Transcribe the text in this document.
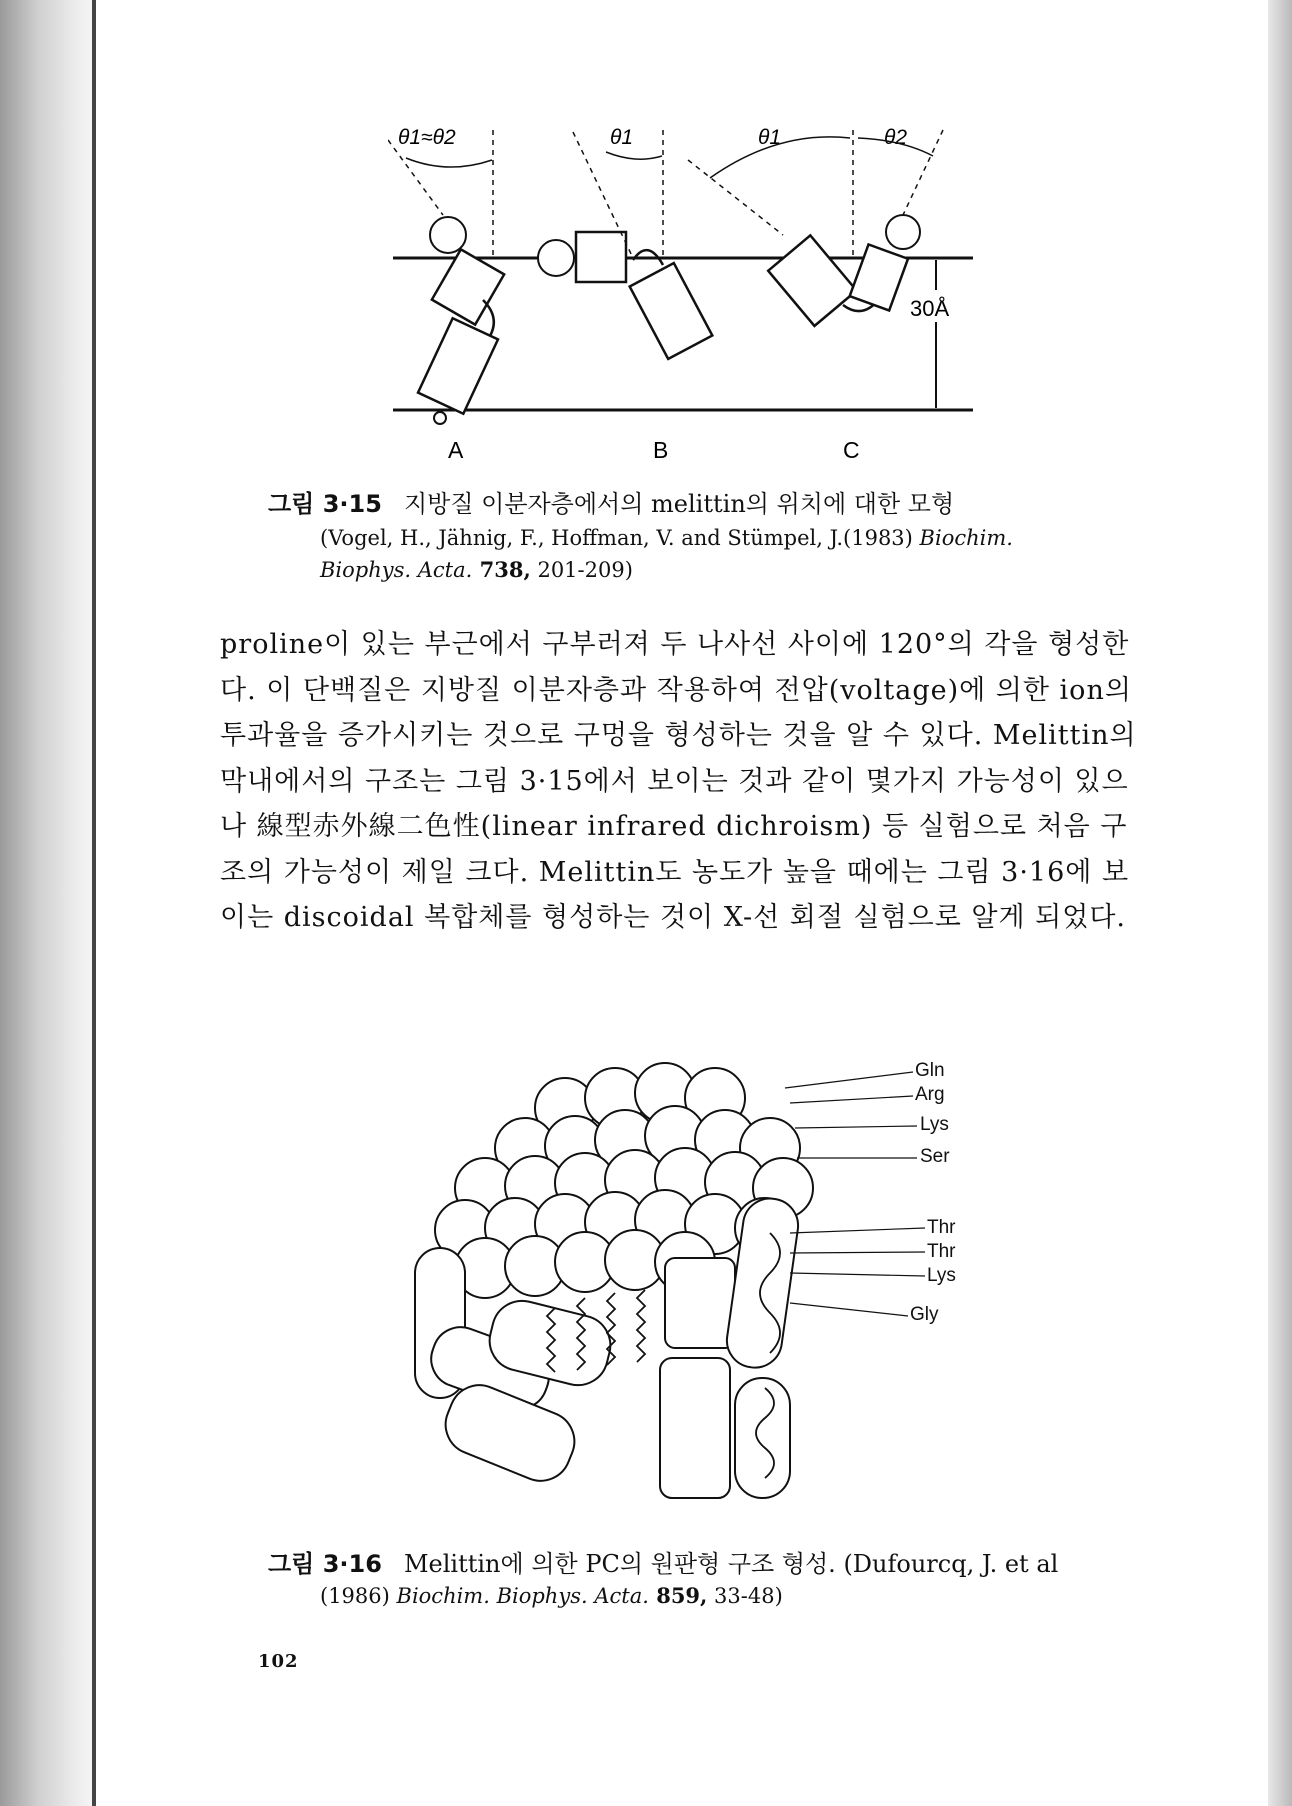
θ1≈θ2	θ1	θ1	θ2
30Å
A	B	C
그림 3·15 지방질 이분자층에서의 melittin의 위치에 대한 모형
(Vogel, H., Jähnig, F., Hoffman, V. and Stümpel, J.(1983) Biochim.
Biophys. Acta. 738, 201-209)

proline이 있는 부근에서 구부러져 두 나사선 사이에 120°의 각을 형성한다. 이 단백질은 지방질 이분자층과 작용하여 전압(voltage)에 의한 ion의 투과율을 증가시키는 것으로 구멍을 형성하는 것을 알 수 있다. Melittin의 막내에서의 구조는 그림 3·15에서 보이는 것과 같이 몇가지 가능성이 있으나 線型赤外線二色性(linear infrared dichroism) 등 실험으로 처음 구조의 가능성이 제일 크다. Melittin도 농도가 높을 때에는 그림 3·16에 보이는 discoidal 복합체를 형성하는 것이 X-선 회절 실험으로 알게 되었다.

Gln
Arg
Lys
Ser
Thr
Thr
Lys
Gly
그림 3·16 Melittin에 의한 PC의 원판형 구조 형성. (Dufourcq, J. et al
(1986) Biochim. Biophys. Acta. 859, 33-48)
102
